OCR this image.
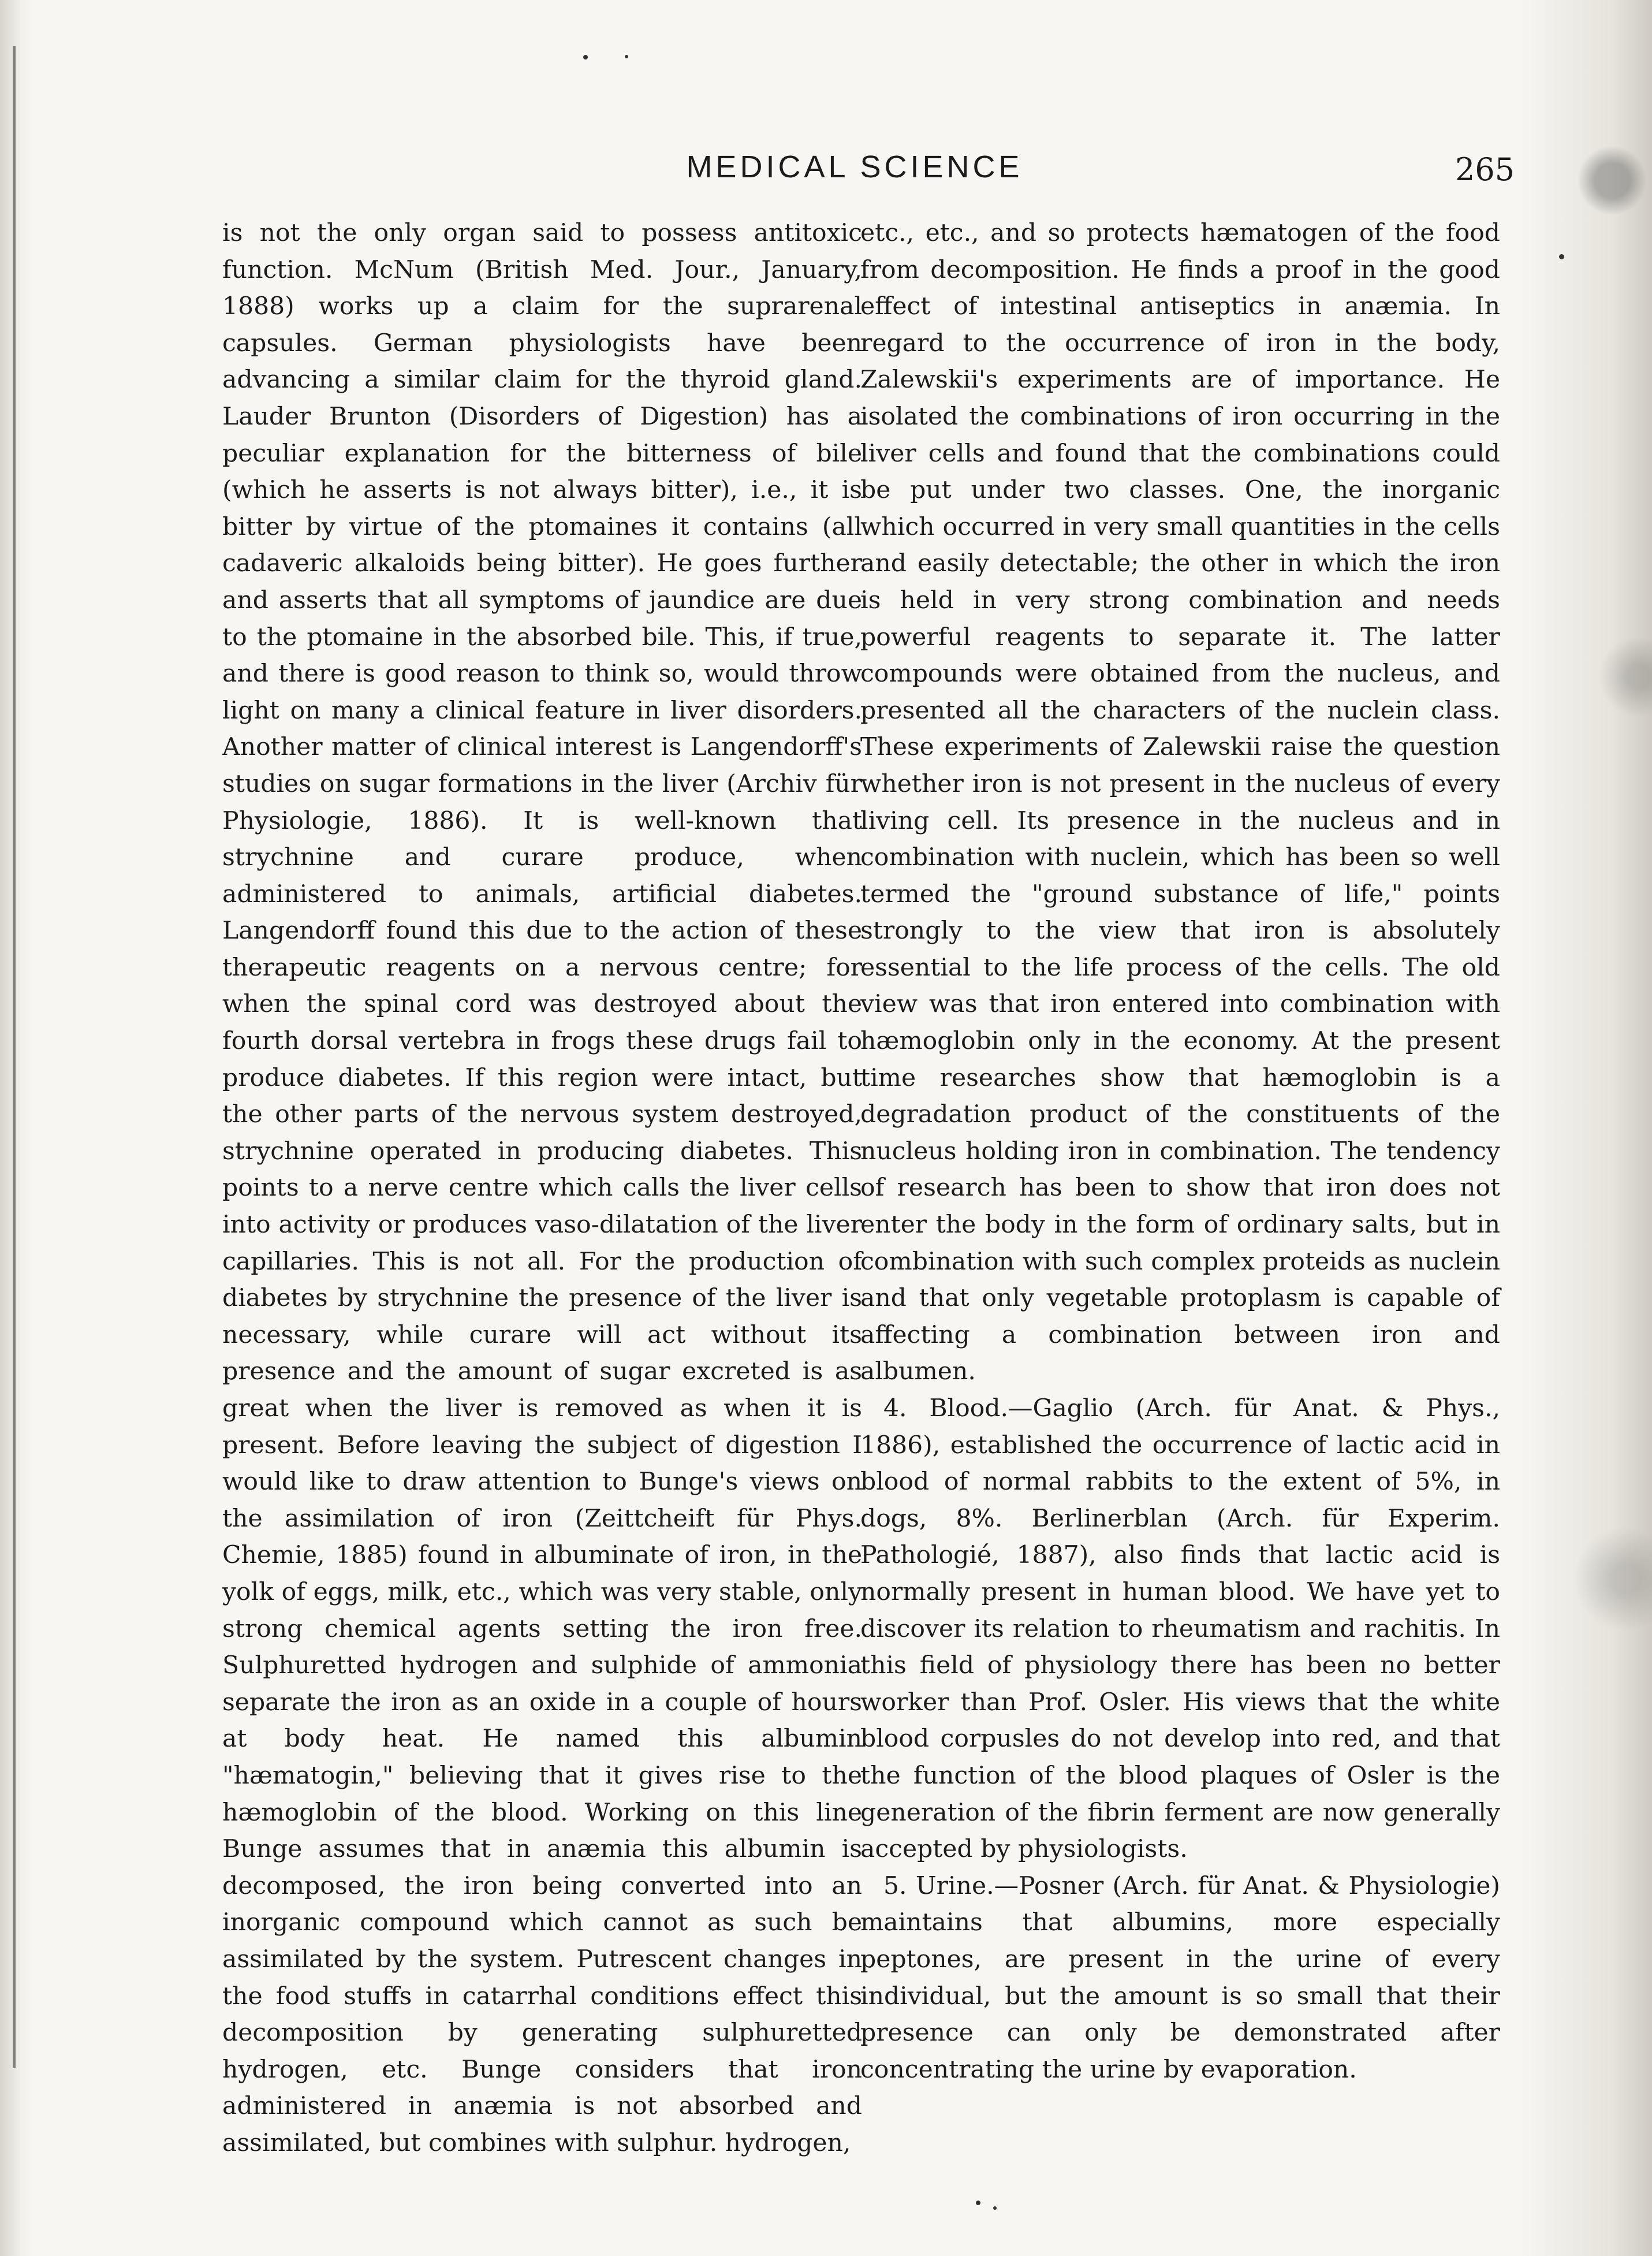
MEDICAL SCIENCE	265

is not the only organ said to possess antitoxic function. McNum (British Med. Jour., January, 1888) works up a claim for the suprarenal capsules. German physiologists have been advancing a similar claim for the thyroid gland. Lauder Brunton (Disorders of Digestion) has a peculiar explanation for the bitterness of bile (which he asserts is not always bitter), i.e., it is bitter by virtue of the ptomaines it contains (all cadaveric alkaloids being bitter). He goes further and asserts that all symptoms of jaundice are due to the ptomaine in the absorbed bile. This, if true, and there is good reason to think so, would throw light on many a clinical feature in liver disorders. Another matter of clinical interest is Langendorff's studies on sugar formations in the liver (Archiv für Physiologie, 1886). It is well-known that strychnine and curare produce, when administered to animals, artificial diabetes. Langendorff found this due to the action of these therapeutic reagents on a nervous centre; for when the spinal cord was destroyed about the fourth dorsal vertebra in frogs these drugs fail to produce diabetes. If this region were intact, but the other parts of the nervous system destroyed, strychnine operated in producing diabetes. This points to a nerve centre which calls the liver cells into activity or produces vaso-dilatation of the liver capillaries. This is not all. For the production of diabetes by strychnine the presence of the liver is necessary, while curare will act without its presence and the amount of sugar excreted is as great when the liver is removed as when it is present. Before leaving the subject of digestion I would like to draw attention to Bunge's views on the assimilation of iron (Zeittcheift für Phys. Chemie, 1885) found in albuminate of iron, in the yolk of eggs, milk, etc., which was very stable, only strong chemical agents setting the iron free. Sulphuretted hydrogen and sulphide of ammonia separate the iron as an oxide in a couple of hours at body heat. He named this albumin "hæmatogin," believing that it gives rise to the hæmoglobin of the blood. Working on this line Bunge assumes that in anæmia this albumin is decomposed, the iron being converted into an inorganic compound which cannot as such be assimilated by the system. Putrescent changes in the food stuffs in catarrhal conditions effect this decomposition by generating sulphuretted hydrogen, etc. Bunge considers that iron administered in anæmia is not absorbed and assimilated, but combines with sulphur. hydrogen,

etc., etc., and so protects hæmatogen of the food from decomposition. He finds a proof in the good effect of intestinal antiseptics in anæmia. In regard to the occurrence of iron in the body, Zalewskii's experiments are of importance. He isolated the combinations of iron occurring in the liver cells and found that the combinations could be put under two classes. One, the inorganic which occurred in very small quantities in the cells and easily detectable; the other in which the iron is held in very strong combination and needs powerful reagents to separate it. The latter compounds were obtained from the nucleus, and presented all the characters of the nuclein class. These experiments of Zalewskii raise the question whether iron is not present in the nucleus of every living cell. Its presence in the nucleus and in combination with nuclein, which has been so well termed the "ground substance of life," points strongly to the view that iron is absolutely essential to the life process of the cells. The old view was that iron entered into combination with hæmoglobin only in the economy. At the present time researches show that hæmoglobin is a degradation product of the constituents of the nucleus holding iron in combination. The tendency of research has been to show that iron does not enter the body in the form of ordinary salts, but in combination with such complex proteids as nuclein and that only vegetable protoplasm is capable of affecting a combination between iron and albumen.

4. Blood.—Gaglio (Arch. für Anat. & Phys., 1886), established the occurrence of lactic acid in blood of normal rabbits to the extent of 5%, in dogs, 8%. Berlinerblan (Arch. für Experim. Pathologié, 1887), also finds that lactic acid is normally present in human blood. We have yet to discover its relation to rheumatism and rachitis. In this field of physiology there has been no better worker than Prof. Osler. His views that the white blood corpusles do not develop into red, and that the function of the blood plaques of Osler is the generation of the fibrin ferment are now generally accepted by physiologists.

5. Urine.—Posner (Arch. für Anat. & Physiologie) maintains that albumins, more especially peptones, are present in the urine of every individual, but the amount is so small that their presence can only be demonstrated after concentrating the urine by evaporation.
